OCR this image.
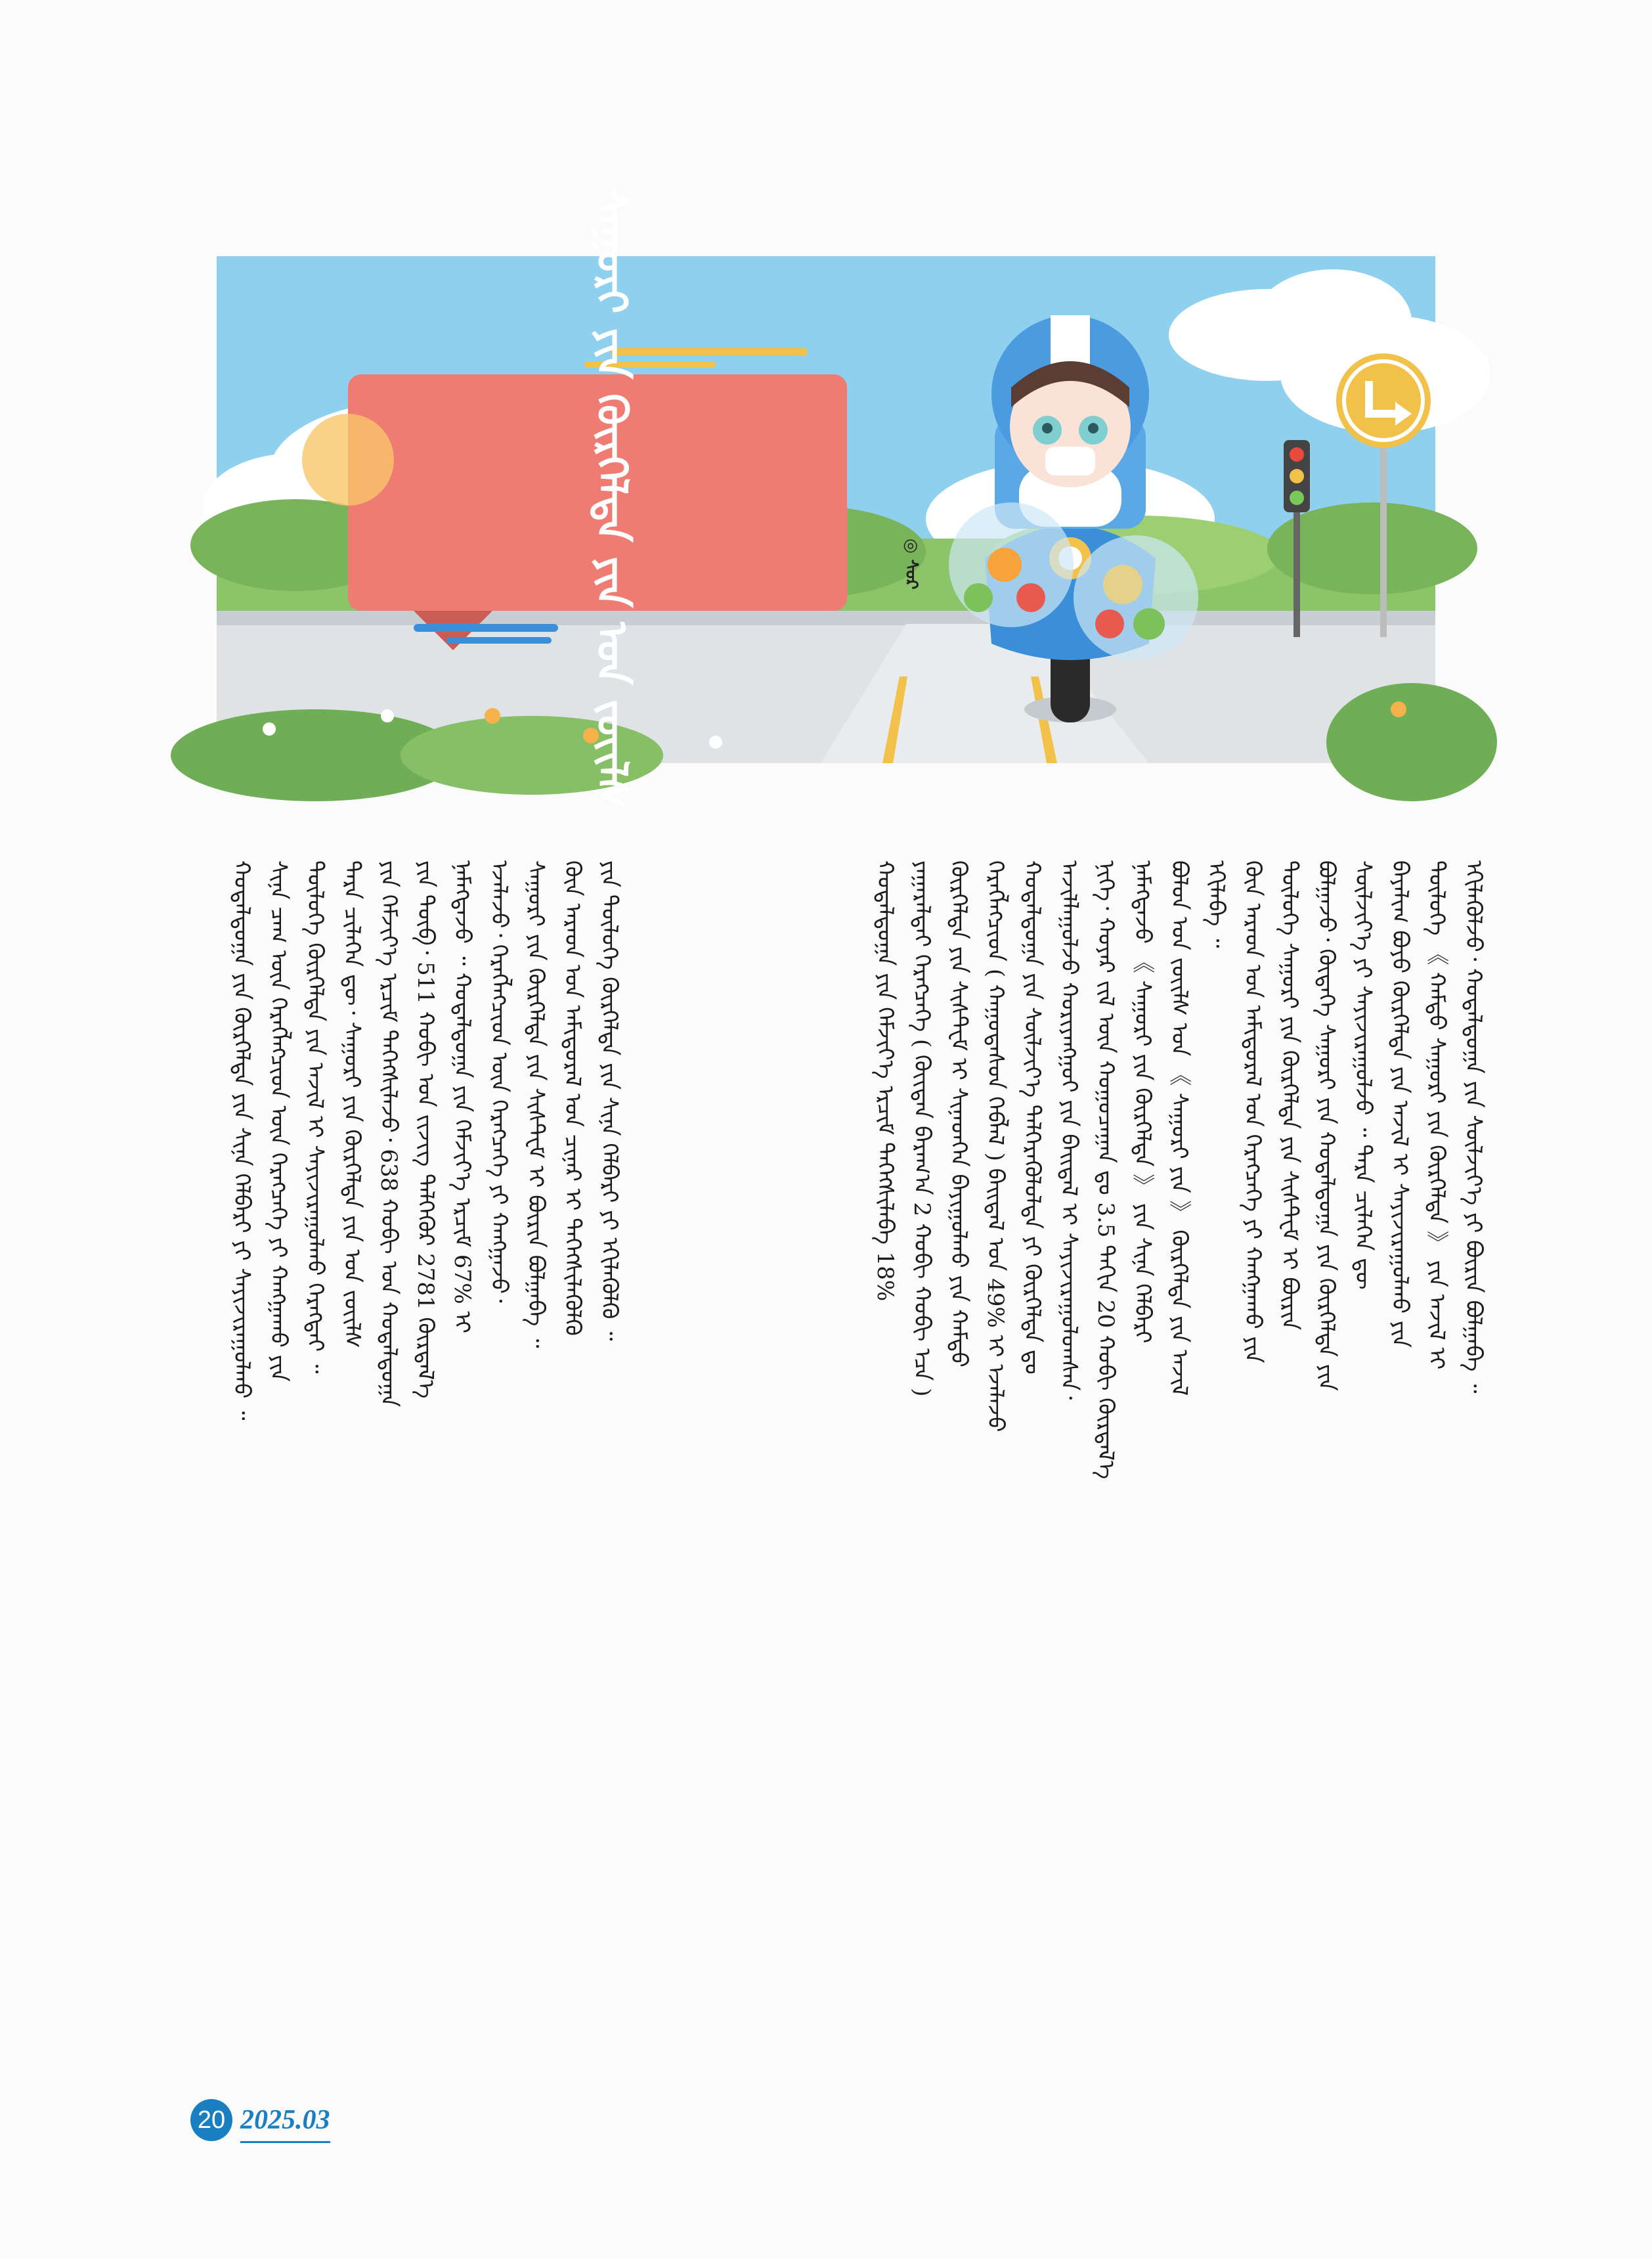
ᠰᠠᠭᠤᠷᠢ ᠶᠢᠨ ᠬᠦᠷᠭᠡᠯᠲᠡ ᠶᠢᠨ ᠡᠳ ᠵᠦᠢᠯᠰ	◎ ᠰᠤᠷ
ᠬᠤᠳᠠᠯᠳᠤᠭᠠ ᠶᠢᠨ ᠬᠡᠮᠵᠢᠶ᠎ᠡ ᠡᠷᠴᠢᠮ ᠳᠡᠭᠡᠭᠰᠢᠯᠡᠪᠡ 18%
ᠶᠠᠭᠠᠷᠠᠯᠲᠠᠢ ᠬᠡᠷᠡᠭᠴᠡᠭᠡ ( ᠬᠦᠢᠲᠡᠨ ᠪᠠᠷᠠᠭ᠎ᠠ 2 ᠬᠤᠪᠢ ᠬᠤᠪᠢ ᠡᠴᠡ )
ᠬᠦᠷᠭᠡᠯᠲᠡ ᠶᠢᠨ ᠰᠢᠰᠲ᠋ᠧᠮ ᠢ ᠰᠢᠨᠡᠳᠬᠡᠨ ᠪᠠᠶᠢᠭᠤᠯᠬᠤ ᠶᠢᠨ ᠬᠠᠮᠲᠤ
ᠬᠡᠷᠡᠭᠯᠡᠭᠴᠢᠳ ( ᠬᠠᠭᠤᠳᠠᠰᠤᠨ ᠬᠡᠪᠯᠡᠯ ) ᠪᠠᠢᠳᠠᠯ ᠤᠨ 49% ᠢ ᠡᠵᠡᠯᠡᠵᠦ
ᠬᠤᠳᠠᠯᠳᠤᠭᠠ ᠶᠢᠨ ᠰᠦᠯᠵᠢᠶ᠎ᠡ ᠳᠡᠯᠭᠡᠷᠡᠭᠦᠯᠦᠯᠲᠡ ᠶᠢ ᠬᠦᠷᠭᠡᠯᠲᠡ ᠳᠤ
ᠠᠵᠢᠯᠯᠠᠭᠤᠯᠵᠤ ᠬᠤᠷᠢᠶᠠᠩᠭᠤᠢ ᠶᠢᠨ ᠪᠠᠢᠳᠠᠯ ᠢ ᠰᠠᠶᠢᠵᠢᠷᠠᠭᠤᠯᠤᠭᠰᠠᠨ᠂
ᠨᠢᠭᠡ᠂ ᠬᠣᠶᠠᠷ ᠵᠢᠯ ᠦᠨ ᠬᠤᠭᠤᠴᠠᠭᠠᠨ ᠳᠤ 3.5 ᠳᠠᠬᠢᠨ 20 ᠬᠤᠪᠢ ᠬᠦᠷᠲᠡᠯ᠎ᠡ
ᠨᠡᠮᠡᠭᠳᠡᠵᠦ 《 ᠰᠠᠭᠤᠷᠢ ᠶᠢᠨ ᠬᠦᠷᠭᠡᠯᠲᠡ 》 ᠶᠢᠨ ᠰᠢᠨᠡ ᠬᠡᠯᠪᠡᠷᠢ
ᠪᠣᠯᠤᠨ ᠡᠳ ᠵᠦᠢᠯᠰ ᠤᠨ 《 ᠰᠠᠭᠤᠷᠢ ᠶᠢᠨ 》 ᠬᠦᠷᠭᠡᠯᠲᠡ ᠶᠢᠨ ᠠᠵᠢᠯ
ᠡᠬᠢᠯᠡᠪᠡ ᠃
ᠬᠦᠨ ᠠᠷᠠᠳ ᠤᠨ ᠠᠮᠢᠳᠤᠷᠠᠯ ᠤᠨ ᠬᠡᠷᠡᠭᠴᠡᠭᠡ ᠶᠢ ᠬᠠᠩᠭᠠᠬᠤ ᠶᠢᠨ
ᠲᠥᠯᠥᠭᠡ ᠰᠠᠭᠤᠷᠢ ᠶᠢᠨ ᠬᠦᠷᠭᠡᠯᠲᠡ ᠶᠢᠨ ᠰᠢᠰᠲ᠋ᠧᠮ ᠢ ᠪᠦᠷᠢᠨ
ᠪᠣᠯᠭᠠᠵᠤ᠂ ᠬᠦᠳᠡᠭᠡ ᠰᠠᠭᠤᠷᠢ ᠶᠢᠨ ᠬᠤᠳᠠᠯᠳᠤᠭᠠ ᠶᠢᠨ ᠬᠦᠷᠭᠡᠯᠲᠡ ᠶᠢᠨ
ᠰᠦᠯᠵᠢᠶ᠎ᠡ ᠶᠢ ᠰᠠᠶᠢᠵᠢᠷᠠᠭᠤᠯᠵᠤ ᠃ ᠲᠡᠷᠡ ᠴᠢᠯᠡᠭᠡᠨ ᠳᠦ
ᠪᠠᠶᠠᠯᠢᠭ ᠪᠤᠶᠤ ᠬᠦᠷᠭᠡᠯᠲᠡ ᠶᠢᠨ ᠠᠵᠢᠯ ᠢ ᠰᠠᠶᠢᠵᠢᠷᠠᠭᠤᠯᠬᠤ ᠶᠢᠨ
ᠲᠥᠯᠥᠭᠡ 《 ᠬᠠᠮᠲᠤ ᠰᠠᠭᠤᠷᠢ ᠶᠢᠨ ᠬᠦᠷᠭᠡᠯᠲᠡ 》 ᠶᠢᠨ ᠠᠵᠢᠯ ᠢ
ᠡᠬᠢᠯᠡᠭᠦᠯᠵᠦ᠂ ᠬᠤᠳᠠᠯᠳᠤᠭᠠ ᠶᠢᠨ ᠰᠦᠯᠵᠢᠶ᠎ᠡ ᠶᠢ ᠪᠦᠷᠢᠨ ᠪᠣᠯᠭᠠᠪᠠ ᠃
ᠬᠤᠳᠠᠯᠳᠤᠭᠠ ᠶᠢᠨ ᠬᠦᠷᠭᠡᠯᠲᠡ ᠶᠢᠨ ᠰᠢᠨᠡ ᠬᠡᠯᠪᠡᠷᠢ ᠶᠢ ᠰᠠᠶᠢᠵᠢᠷᠠᠭᠤᠯᠬᠤ ᠃
ᠰᠢᠨᠡ ᠴᠠᠭ ᠦᠨ ᠬᠡᠷᠡᠭᠯᠡᠭᠴᠢᠳ ᠦᠨ ᠬᠡᠷᠡᠭᠴᠡᠭᠡ ᠶᠢ ᠬᠠᠩᠭᠠᠬᠤ ᠶᠢᠨ
ᠲᠥᠯᠥᠭᠡ ᠬᠦᠷᠭᠡᠯᠲᠡ ᠶᠢᠨ ᠠᠵᠢᠯ ᠢ ᠰᠠᠶᠢᠵᠢᠷᠠᠭᠤᠯᠬᠤ ᠬᠡᠷᠡᠭᠲᠡᠢ ᠃
ᠲᠡᠷᠡ ᠴᠢᠯᠡᠭᠡᠨ ᠳᠦ᠂ ᠰᠠᠭᠤᠷᠢ ᠶᠢᠨ ᠬᠦᠷᠭᠡᠯᠲᠡ ᠶᠢᠨ ᠡᠳ ᠵᠦᠢᠯᠰ
ᠶᠢᠨ ᠬᠡᠮᠵᠢᠶ᠎ᠡ ᠡᠷᠴᠢᠮ ᠳᠡᠭᠡᠭᠰᠢᠯᠡᠵᠦ᠂ 638 ᠬᠤᠪᠢ ᠤᠨ ᠬᠤᠳᠠᠯᠳᠤᠭᠠ
ᠶᠢᠨ ᠲᠥᠪ᠂ 511 ᠬᠤᠪᠢ ᠤᠨ ᠵᠢᠵᠢᠭ ᠳᠡᠯᠭᠡᠭᠦᠷ 2781 ᠬᠦᠷᠲᠡᠯ᠎ᠡ
ᠨᠡᠮᠡᠭᠳᠡᠵᠦ ᠃ ᠬᠤᠳᠠᠯᠳᠤᠭᠠ ᠶᠢᠨ ᠬᠡᠮᠵᠢᠶ᠎ᠡ ᠡᠷᠴᠢᠮ 67% ᠢ
ᠡᠵᠡᠯᠡᠵᠦ᠂ ᠬᠡᠷᠡᠭᠯᠡᠭᠴᠢᠳ ᠦᠨ ᠬᠡᠷᠡᠭᠴᠡᠭᠡ ᠶᠢ ᠬᠠᠩᠭᠠᠵᠤ᠂
ᠰᠠᠭᠤᠷᠢ ᠶᠢᠨ ᠬᠦᠷᠭᠡᠯᠲᠡ ᠶᠢᠨ ᠰᠢᠰᠲ᠋ᠧᠮ ᠢ ᠪᠦᠷᠢᠨ ᠪᠣᠯᠭᠠᠪᠠ ᠃
ᠬᠦᠨ ᠠᠷᠠᠳ ᠤᠨ ᠠᠮᠢᠳᠤᠷᠠᠯ ᠤᠨ ᠴᠢᠨᠠᠷ ᠢ ᠳᠡᠭᠡᠭᠰᠢᠯᠡᠭᠦᠯᠬᠦ
ᠶᠢᠨ ᠲᠥᠯᠥᠭᠡ ᠬᠦᠷᠭᠡᠯᠲᠡ ᠶᠢᠨ ᠰᠢᠨᠡ ᠬᠡᠯᠪᠡᠷᠢ ᠶᠢ ᠡᠬᠢᠯᠡᠭᠦᠯᠬᠦ ᠃
20 2025.03
